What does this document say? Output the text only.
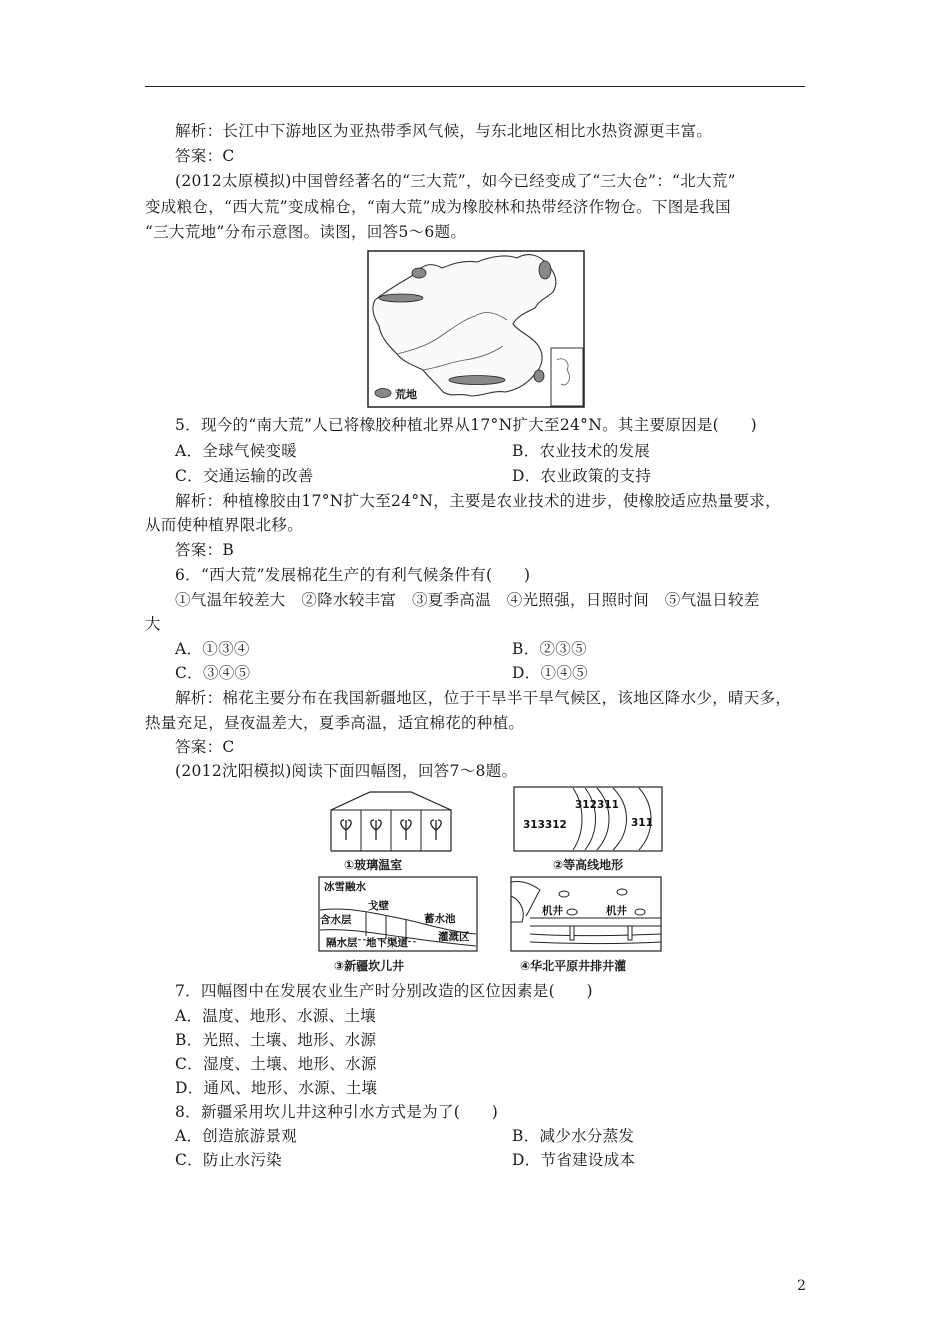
解析：长江中下游地区为亚热带季风气候，与东北地区相比水热资源更丰富。
答案：C
(2012太原模拟)中国曾经著名的“三大荒”，如今已经变成了“三大仓”：“北大荒”
变成粮仓，“西大荒”变成棉仓，“南大荒”成为橡胶林和热带经济作物仓。下图是我国
“三大荒地”分布示意图。读图，回答5～6题。
荒地
5．现今的“南大荒”人已将橡胶种植北界从17°N扩大至24°N。其主要原因是(　　)
A．全球气候变暖	B．农业技术的发展
C．交通运输的改善	D．农业政策的支持
解析：种植橡胶由17°N扩大至24°N，主要是农业技术的进步，使橡胶适应热量要求，
从而使种植界限北移。
答案：B
6．“西大荒”发展棉花生产的有利气候条件有(　　)
①气温年较差大　②降水较丰富　③夏季高温　④光照强，日照时间　⑤气温日较差
大
A．①③④	B．②③⑤
C．③④⑤	D．①④⑤
解析：棉花主要分布在我国新疆地区，位于干旱半干旱气候区，该地区降水少，晴天多，
热量充足，昼夜温差大，夏季高温，适宜棉花的种植。
答案：C
(2012沈阳模拟)阅读下面四幅图，回答7～8题。
①玻璃温室
312 311
313312	311
②等高线地形
冰雪融水
含水层
戈壁
蓄水池
灌溉区
隔水层 地下渠道
③新疆坎儿井
机井	机井
④华北平原井排井灌
7．四幅图中在发展农业生产时分别改造的区位因素是(　　)
A．温度、地形、水源、土壤
B．光照、土壤、地形、水源
C．湿度、土壤、地形、水源
D．通风、地形、水源、土壤
8．新疆采用坎儿井这种引水方式是为了(　　)
A．创造旅游景观	B．减少水分蒸发
C．防止水污染	D．节省建设成本
2
